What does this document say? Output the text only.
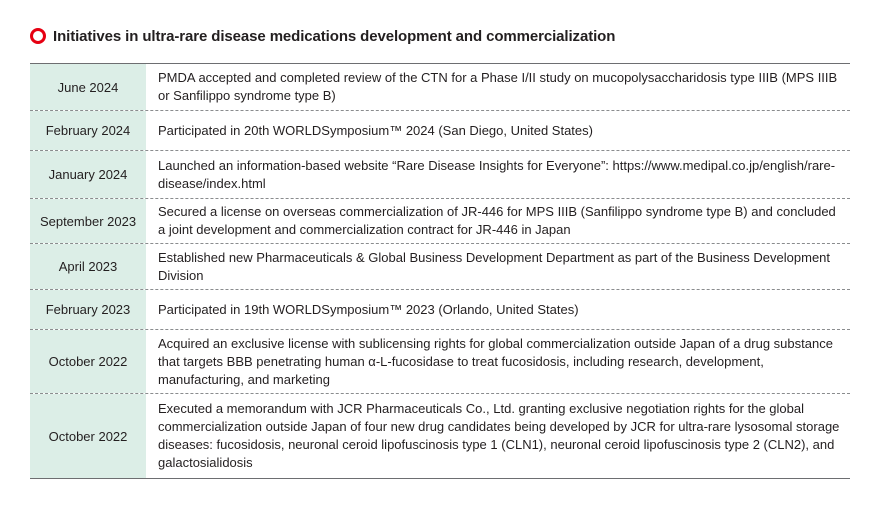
Initiatives in ultra-rare disease medications development and commercialization
June 2024
PMDA accepted and completed review of the CTN for a Phase I/II study on mucopolysaccharidosis type IIIB (MPS IIIB or Sanfilippo syndrome type B)
February 2024	Participated in 20th WORLDSymposium™ 2024 (San Diego, United States)
January 2024
Launched an information-based website “Rare Disease Insights for Everyone”: https://www.medipal.co.jp/english/rare-disease/index.html
September 2023
Secured a license on overseas commercialization of JR-446 for MPS IIIB (Sanfilippo syndrome type B) and concluded a joint development and commercialization contract for JR-446 in Japan
April 2023
Established new Pharmaceuticals & Global Business Development Department as part of the Business Development Division
February 2023	Participated in 19th WORLDSymposium™ 2023 (Orlando, United States)
October 2022
Acquired an exclusive license with sublicensing rights for global commercialization outside Japan of a drug substance that targets BBB penetrating human α-L-fucosidase to treat fucosidosis, including research, development, manufacturing, and marketing
October 2022
Executed a memorandum with JCR Pharmaceuticals Co., Ltd. granting exclusive negotiation rights for the global commercialization outside Japan of four new drug candidates being developed by JCR for ultra-rare lysosomal storage diseases: fucosidosis, neuronal ceroid lipofuscinosis type 1 (CLN1), neuronal ceroid lipofuscinosis type 2 (CLN2), and galactosialidosis
